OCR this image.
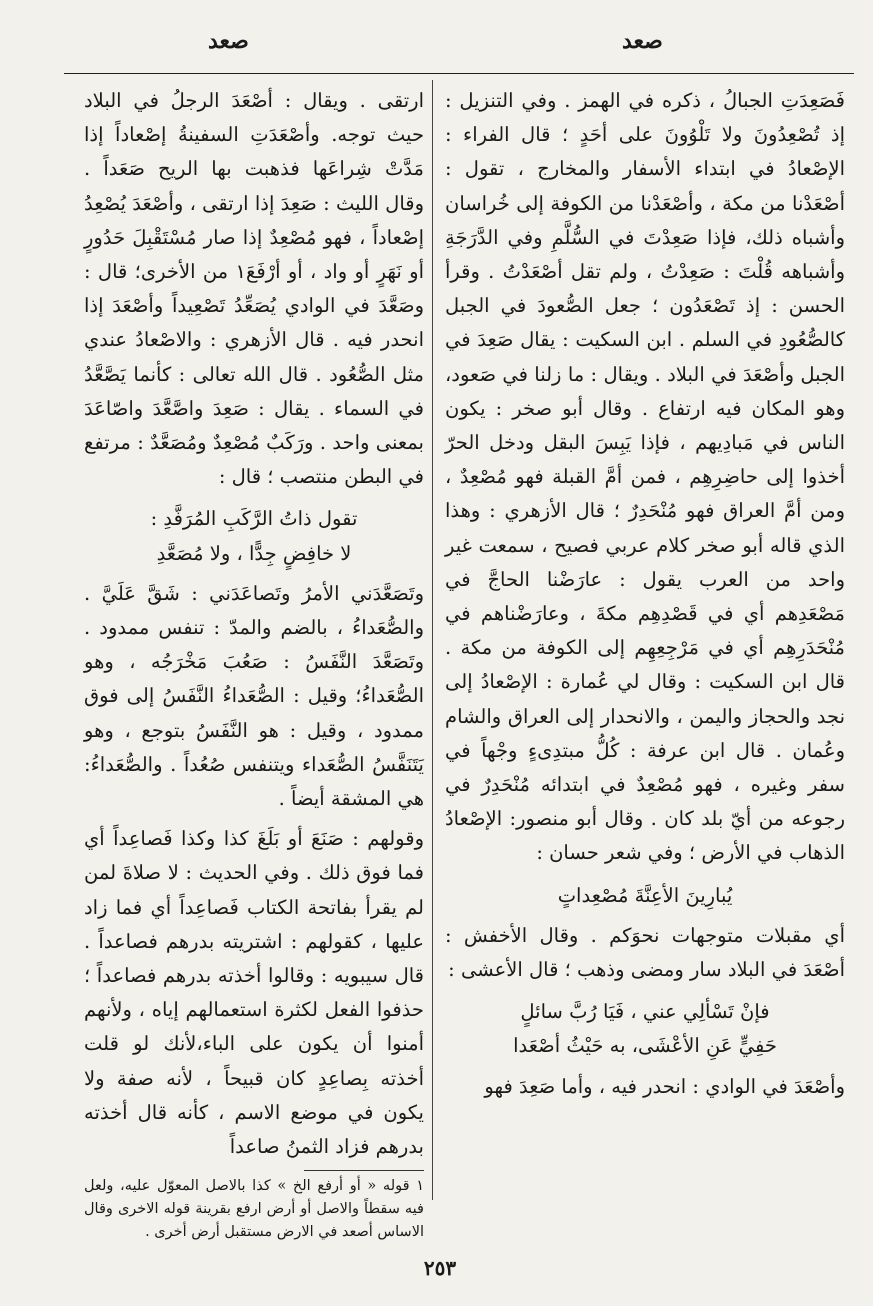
صعد
صعد

فَصَعِدَتِ الجبالُ ، ذكره في الهمز . وفي التنزيل : إذ تُصْعِدُونَ ولا تَلْوُونَ على أحَدٍ ؛ قال الفراء : الإصْعادُ في ابتداء الأسفار والمخارج ، تقول : أصْعَدْنا من مكة ، وأصْعَدْنا من الكوفة إلى خُراسان وأشباه ذلك، فإذا صَعِدْتَ في السُّلَّمِ وفي الدَّرَجَةِ وأشباهه قُلْتَ : صَعِدْتُ ، ولم تقل أصْعَدْتُ . وقرأ الحسن : إذ تَصْعَدُون ؛ جعل الصُّعودَ في الجبل كالصُّعُودِ في السلم . ابن السكيت : يقال صَعِدَ في الجبل وأصْعَدَ في البلاد . ويقال : ما زلنا في صَعود، وهو المكان فيه ارتفاع . وقال أبو صخر : يكون الناس في مَبادِيهم ، فإذا يَبِسَ البقل ودخل الحرّ أخذوا إلى حاضِرِهِم ، فمن أمَّ القبلة فهو مُصْعِدٌ ، ومن أمَّ العراق فهو مُنْحَدِرٌ ؛ قال الأزهري : وهذا الذي قاله أبو صخر كلام عربي فصيح ، سمعت غير واحد من العرب يقول : عارَضْنا الحاجَّ في مَصْعَدِهم أي في قَصْدِهِم مكةَ ، وعارَضْناهم في مُنْحَدَرِهِم أي في مَرْجِعِهِم إلى الكوفة من مكة . قال ابن السكيت : وقال لي عُمارة : الإصْعادُ إلى نجد والحجاز واليمن ، والانحدار إلى العراق والشام وعُمان . قال ابن عرفة : كُلُّ مبتدِىءٍ وجْهاً في سفر وغيره ، فهو مُصْعِدٌ في ابتدائه مُنْحَدِرٌ في رجوعه من أيّ بلد كان . وقال أبو منصور: الإصْعادُ الذهاب في الأرض ؛ وفي شعر حسان :

يُبارِينَ الأعِنَّةَ مُصْعِداتٍ

أي مقبلات متوجهات نحوَكم . وقال الأخفش : أصْعَدَ في البلاد سار ومضى وذهب ؛ قال الأعشى :

فإنْ تَسْألِي عني ، فَيَا رُبَّ سائلٍ
حَفِيٍّ عَنِ الأعْشَى، به حَيْثُ أصْعَدا

وأصْعَدَ في الوادي : انحدر فيه ، وأما صَعِدَ فهو

ارتقى . ويقال : أصْعَدَ الرجلُ في البلاد حيث توجه. وأصْعَدَتِ السفينةُ إصْعاداً إذا مَدَّتْ شِراعَها فذهبت بها الريح صَعَداً . وقال الليث : صَعِدَ إذا ارتقى ، وأصْعَدَ يُصْعِدُ إصْعاداً ، فهو مُصْعِدٌ إذا صار مُسْتَقْبِلَ حَدُورٍ أو نَهَرٍ أو واد ، أو أرْفَعَ١ من الأخرى؛ قال : وصَعَّدَ في الوادي يُصَعِّدُ تَصْعِيداً وأصْعَدَ إذا انحدر فيه . قال الأزهري : والاصْعادُ عندي مثل الصُّعُود . قال الله تعالى : كأنما يَصَّعَّدُ في السماء . يقال : صَعِدَ واصَّعَّدَ واصّاعَدَ بمعنى واحد . ورَكَبٌ مُصْعِدٌ ومُصَعَّدٌ : مرتفع في البطن منتصب ؛ قال :

تقول ذاتُ الرَّكَبِ المُرَفَّدِ :
لا خافِضٍ جِدًّا ، ولا مُصَعَّدِ

وتَصَعَّدَني الأمرُ وتَصاعَدَني : شَقَّ عَلَيَّ . والصُّعَداءُ ، بالضم والمدّ : تنفس ممدود . وتَصَعَّدَ النَّفَسُ : صَعُبَ مَخْرَجُه ، وهو الصُّعَداءُ؛ وقيل : الصُّعَداءُ النَّفَسُ إلى فوق ممدود ، وقيل : هو النَّفَسُ بتوجع ، وهو يَتَنَفَّسُ الصُّعَداء ويتنفس صُعُداً . والصُّعَداءُ: هي المشقة أيضاً .

وقولهم : صَنَعَ أو بَلَغَ كذا وكذا فَصاعِداً أي فما فوق ذلك . وفي الحديث : لا صلاةَ لمن لم يقرأ بفاتحة الكتاب فَصاعِداً أي فما زاد عليها ، كقولهم : اشتريته بدرهم فصاعداً . قال سيبويه : وقالوا أخذته بدرهم فصاعداً ؛ حذفوا الفعل لكثرة استعمالهم إياه ، ولأنهم أمنوا أن يكون على الباء،لأنك لو قلت أخذته بِصاعِدٍ كان قبيحاً ، لأنه صفة ولا يكون في موضع الاسم ، كأنه قال أخذته بدرهم فزاد الثمنُ صاعداً

١ قوله « أو أرفع الخ » كذا بالاصل المعوّل عليه، ولعل فيه سقطاً والاصل أو أرض ارفع بقرينة قوله الاخرى وقال الاساس أصعد في الارض مستقبل أرض أخرى .

٢٥٣
